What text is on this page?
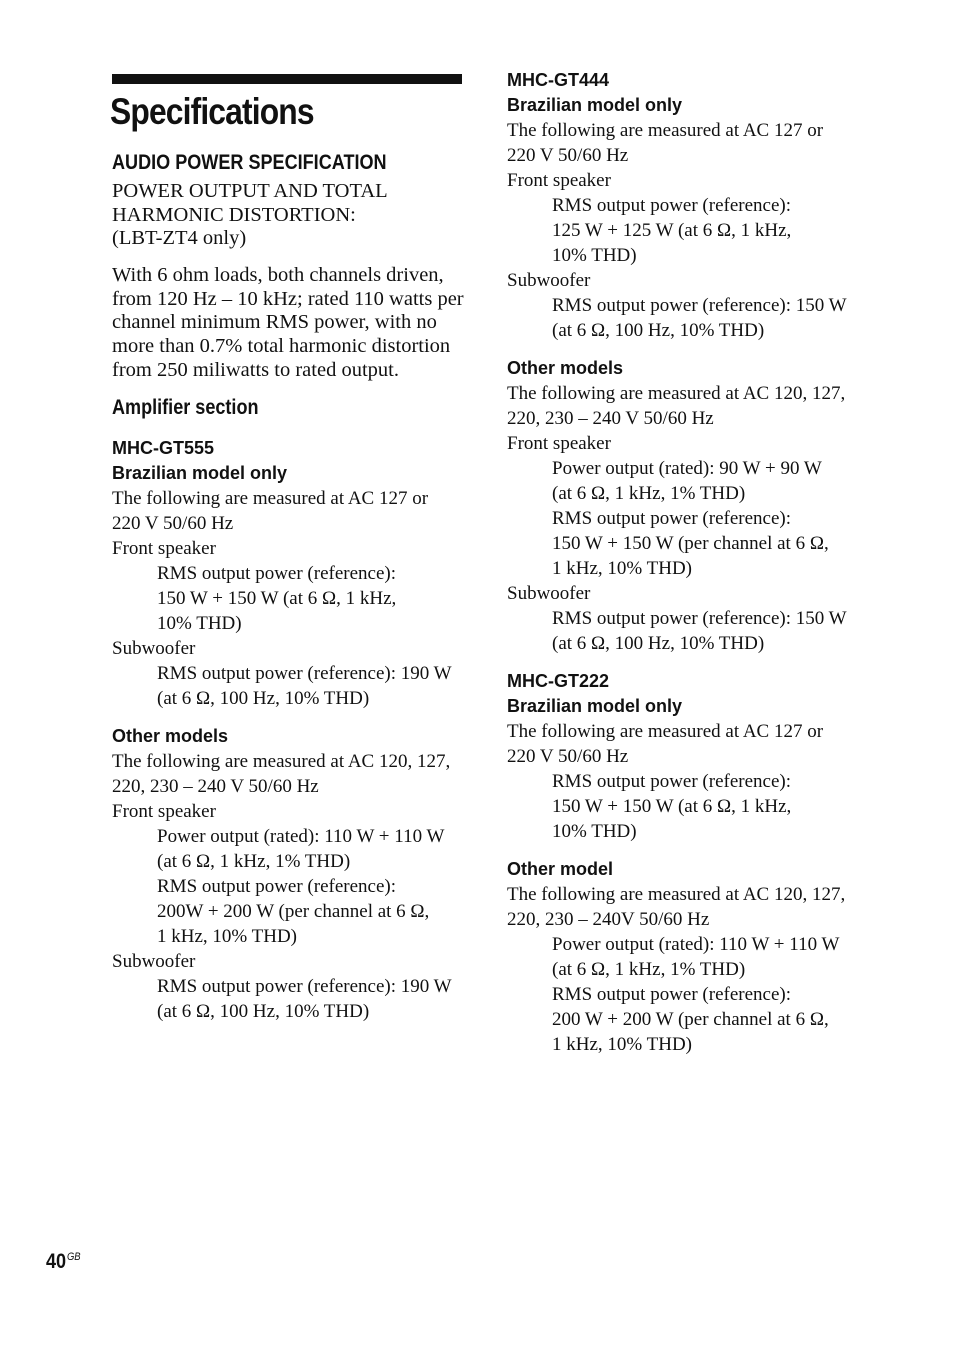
Specifications
AUDIO POWER SPECIFICATION
POWER OUTPUT AND TOTAL
HARMONIC DISTORTION:
(LBT-ZT4 only)
With 6 ohm loads, both channels driven,
from 120 Hz – 10 kHz; rated 110 watts per
channel minimum RMS power, with no
more than 0.7% total harmonic distortion
from 250 miliwatts to rated output.
Amplifier section
MHC-GT555
Brazilian model only
The following are measured at AC 127 or
220 V 50/60 Hz
Front speaker
RMS output power (reference):
150 W + 150 W (at 6 Ω, 1 kHz,
10% THD)
Subwoofer
RMS output power (reference): 190 W
(at 6 Ω, 100 Hz, 10% THD)
Other models
The following are measured at AC 120, 127,
220, 230 – 240 V 50/60 Hz
Front speaker
Power output (rated): 110 W + 110 W
(at 6 Ω, 1 kHz, 1% THD)
RMS output power (reference):
200W + 200 W (per channel at 6 Ω,
1 kHz, 10% THD)
Subwoofer
RMS output power (reference): 190 W
(at 6 Ω, 100 Hz, 10% THD)
MHC-GT444
Brazilian model only
The following are measured at AC 127 or
220 V 50/60 Hz
Front speaker
RMS output power (reference):
125 W + 125 W (at 6 Ω, 1 kHz,
10% THD)
Subwoofer
RMS output power (reference): 150 W
(at 6 Ω, 100 Hz, 10% THD)
Other models
The following are measured at AC 120, 127,
220, 230 – 240 V 50/60 Hz
Front speaker
Power output (rated): 90 W + 90 W
(at 6 Ω, 1 kHz, 1% THD)
RMS output power (reference):
150 W + 150 W (per channel at 6 Ω,
1 kHz, 10% THD)
Subwoofer
RMS output power (reference): 150 W
(at 6 Ω, 100 Hz, 10% THD)
MHC-GT222
Brazilian model only
The following are measured at AC 127 or
220 V 50/60 Hz
RMS output power (reference):
150 W + 150 W (at 6 Ω, 1 kHz,
10% THD)
Other model
The following are measured at AC 120, 127,
220, 230 – 240V 50/60 Hz
Power output (rated): 110 W + 110 W
(at 6 Ω, 1 kHz, 1% THD)
RMS output power (reference):
200 W + 200 W (per channel at 6 Ω,
1 kHz, 10% THD)
$40^{GB}$
